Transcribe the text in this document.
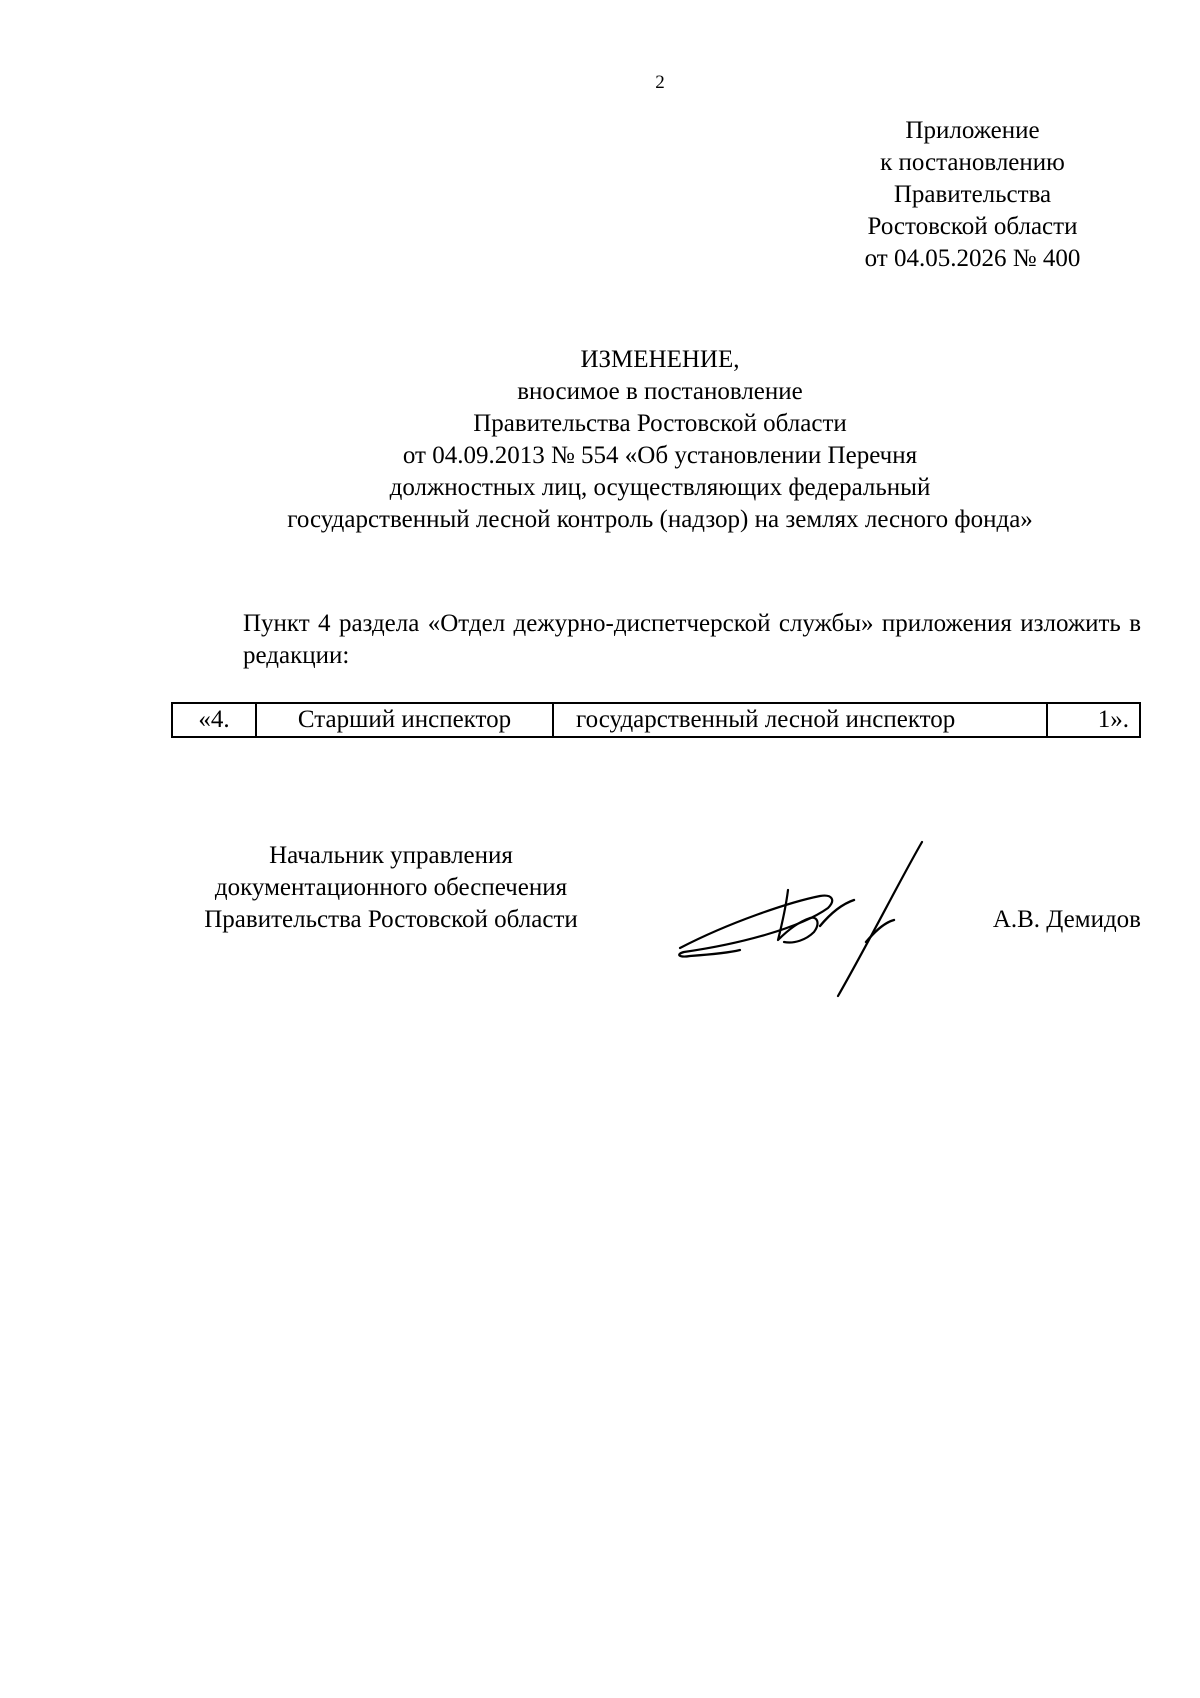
2
Приложение
к постановлению
Правительства
Ростовской области
от 04.05.2026 № 400
ИЗМЕНЕНИЕ,
вносимое в постановление
Правительства Ростовской области
от 04.09.2013 № 554 «Об установлении Перечня
должностных лиц, осуществляющих федеральный
государственный лесной контроль (надзор) на землях лесного фонда»
Пункт 4 раздела «Отдел дежурно-диспетчерской службы» приложения изложить в редакции:
«4.	Старший инспектор	государственный лесной инспектор	1».
Начальник управления
документационного обеспечения
Правительства Ростовской области	А.В. Демидов
